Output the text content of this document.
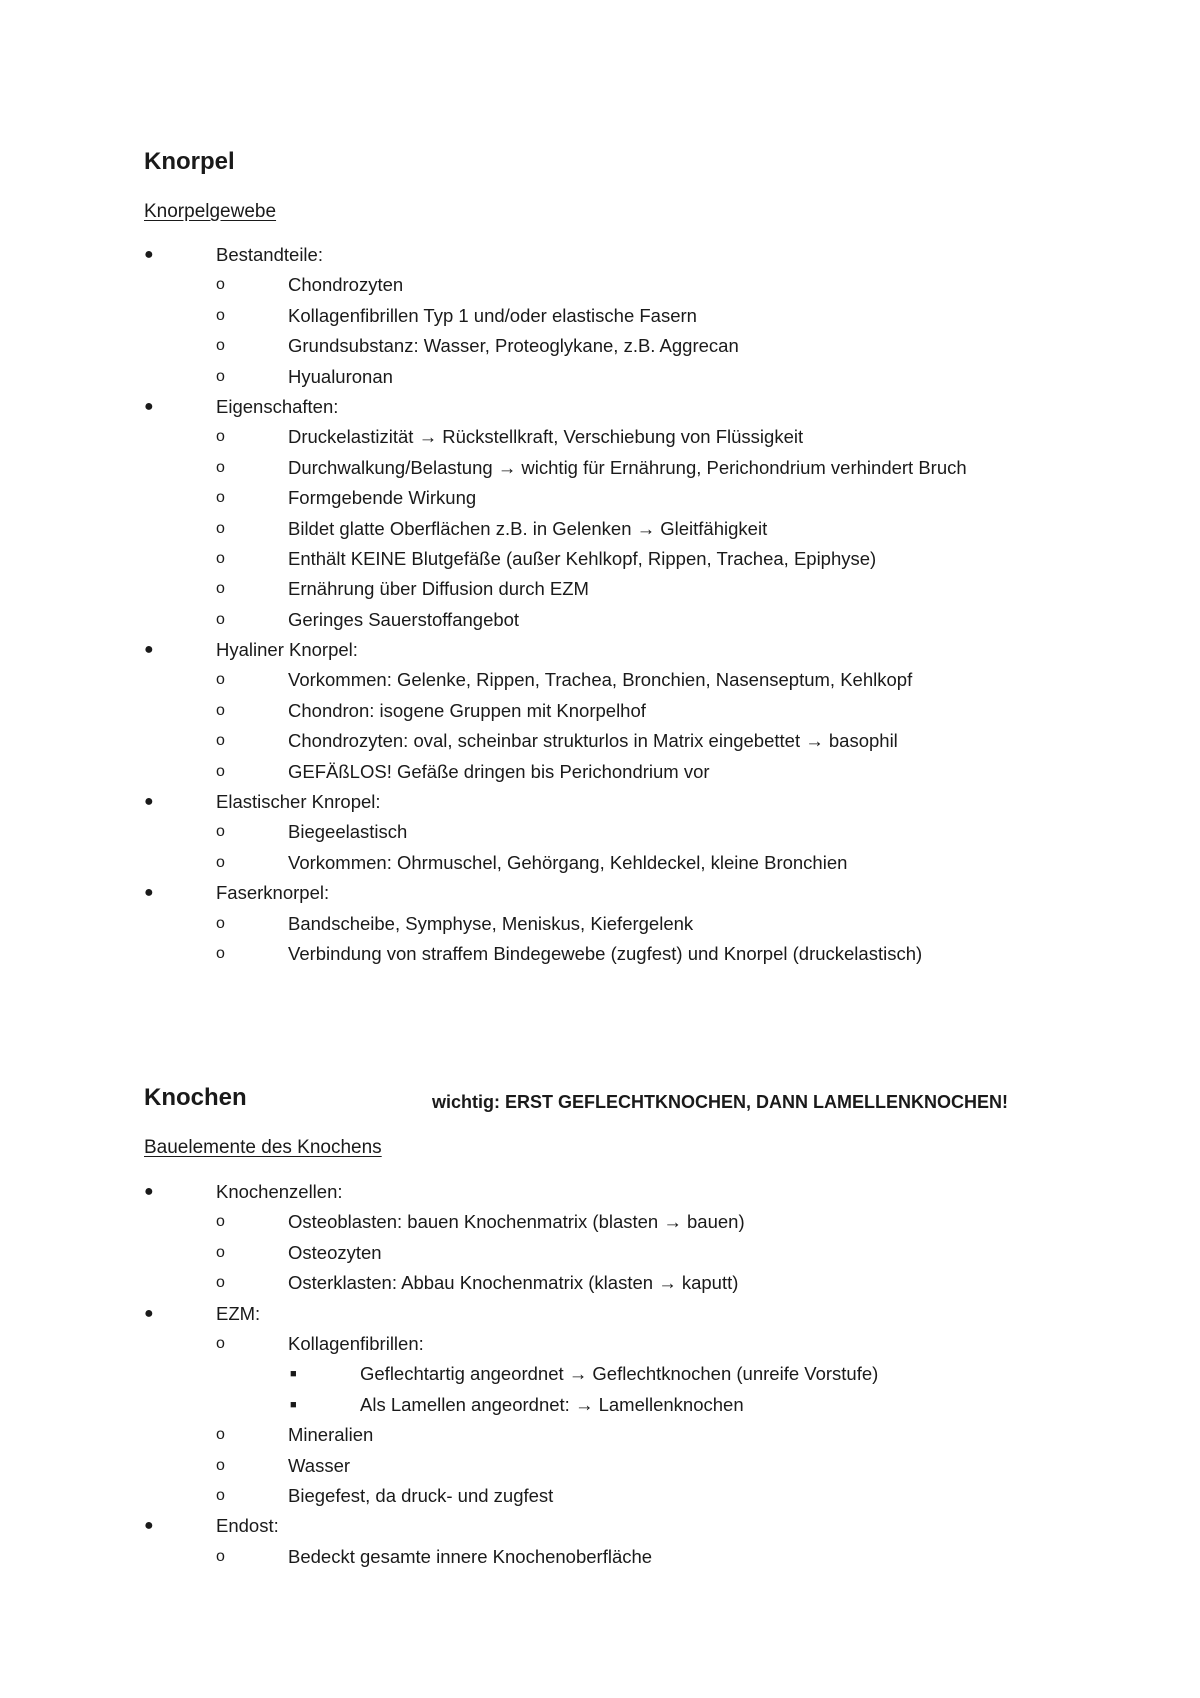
Knorpel
Knorpelgewebe
●	Bestandteile:
o	Chondrozyten
o	Kollagenfibrillen Typ 1 und/oder elastische Fasern
o	Grundsubstanz: Wasser, Proteoglykane, z.B. Aggrecan
o	Hyualuronan
●	Eigenschaften:
o	Druckelastizität → Rückstellkraft, Verschiebung von Flüssigkeit
o	Durchwalkung/Belastung → wichtig für Ernährung, Perichondrium verhindert Bruch
o	Formgebende Wirkung
o	Bildet glatte Oberflächen z.B. in Gelenken → Gleitfähigkeit
o	Enthält KEINE Blutgefäße (außer Kehlkopf, Rippen, Trachea, Epiphyse)
o	Ernährung über Diffusion durch EZM
o	Geringes Sauerstoffangebot
●	Hyaliner Knorpel:
o	Vorkommen: Gelenke, Rippen, Trachea, Bronchien, Nasenseptum, Kehlkopf
o	Chondron: isogene Gruppen mit Knorpelhof
o	Chondrozyten: oval, scheinbar strukturlos in Matrix eingebettet → basophil
o	GEFÄßLOS! Gefäße dringen bis Perichondrium vor
●	Elastischer Knropel:
o	Biegeelastisch
o	Vorkommen: Ohrmuschel, Gehörgang, Kehldeckel, kleine Bronchien
●	Faserknorpel:
o	Bandscheibe, Symphyse, Meniskus, Kiefergelenk
o	Verbindung von straffem Bindegewebe (zugfest) und Knorpel (druckelastisch)
Knochen	wichtig: ERST GEFLECHTKNOCHEN, DANN LAMELLENKNOCHEN!
Bauelemente des Knochens
●	Knochenzellen:
o	Osteoblasten: bauen Knochenmatrix (blasten → bauen)
o	Osteozyten
o	Osterklasten: Abbau Knochenmatrix (klasten → kaputt)
●	EZM:
o	Kollagenfibrillen:
■	Geflechtartig angeordnet → Geflechtknochen (unreife Vorstufe)
■	Als Lamellen angeordnet: → Lamellenknochen
o	Mineralien
o	Wasser
o	Biegefest, da druck- und zugfest
●	Endost:
o	Bedeckt gesamte innere Knochenoberfläche
